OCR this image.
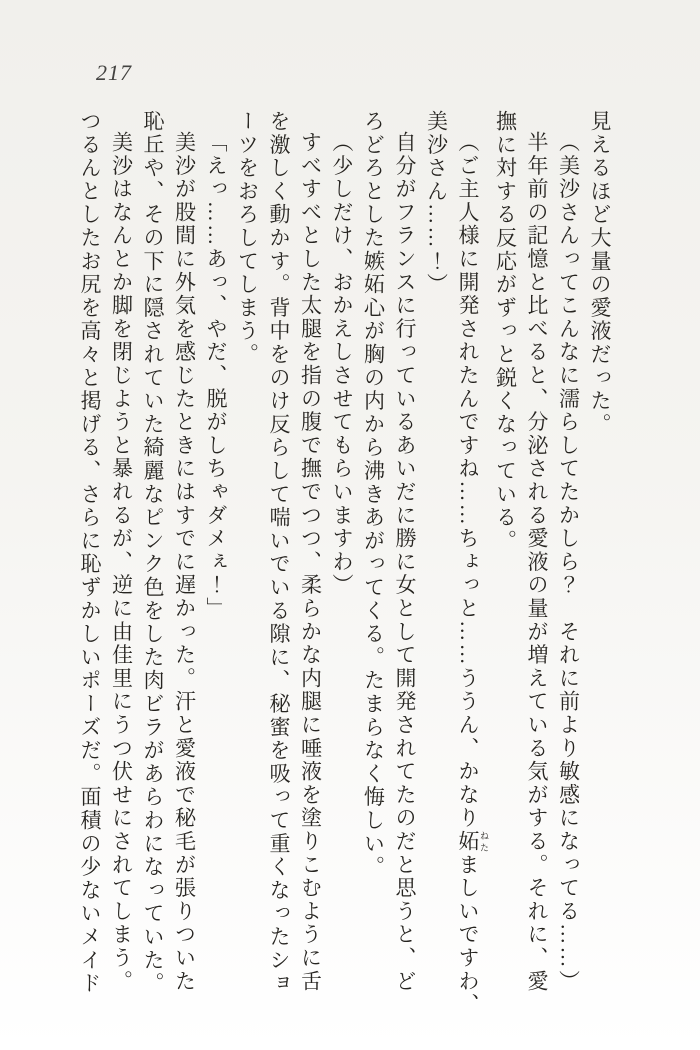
217

見えるほど大量の愛液だった。

（美沙さんってこんなに濡らしてたかしら？　それに前より敏感になってる……）

半年前の記憶と比べると、分泌される愛液の量が増えている気がする。それに、愛

撫に対する反応がずっと鋭くなっている。

（ご主人様に開発されたんですね……ちょっと……ううん、かなり妬 ねたましいですわ、

美沙さん……！）

自分がフランスに行っているあいだに勝に女として開発されてたのだと思うと、ど

ろどろとした嫉妬心が胸の内から沸きあがってくる。たまらなく悔しい。

（少しだけ、おかえしさせてもらいますわ）

すべすべとした太腿を指の腹で撫でつつ、柔らかな内腿に唾液を塗りこむように舌

を激しく動かす。背中をのけ反らして喘いでいる隙に、秘蜜を吸って重くなったショ

ーツをおろしてしまう。

「えっ……あっ、やだ、脱がしちゃダメぇ！」

美沙が股間に外気を感じたときにはすでに遅かった。汗と愛液で秘毛が張りついた

恥丘や、その下に隠されていた綺麗なピンク色をした肉ビラがあらわになっていた。

美沙はなんとか脚を閉じようと暴れるが、逆に由佳里にうつ伏せにされてしまう。

つるんとしたお尻を高々と掲げる、さらに恥ずかしいポーズだ。面積の少ないメイド
